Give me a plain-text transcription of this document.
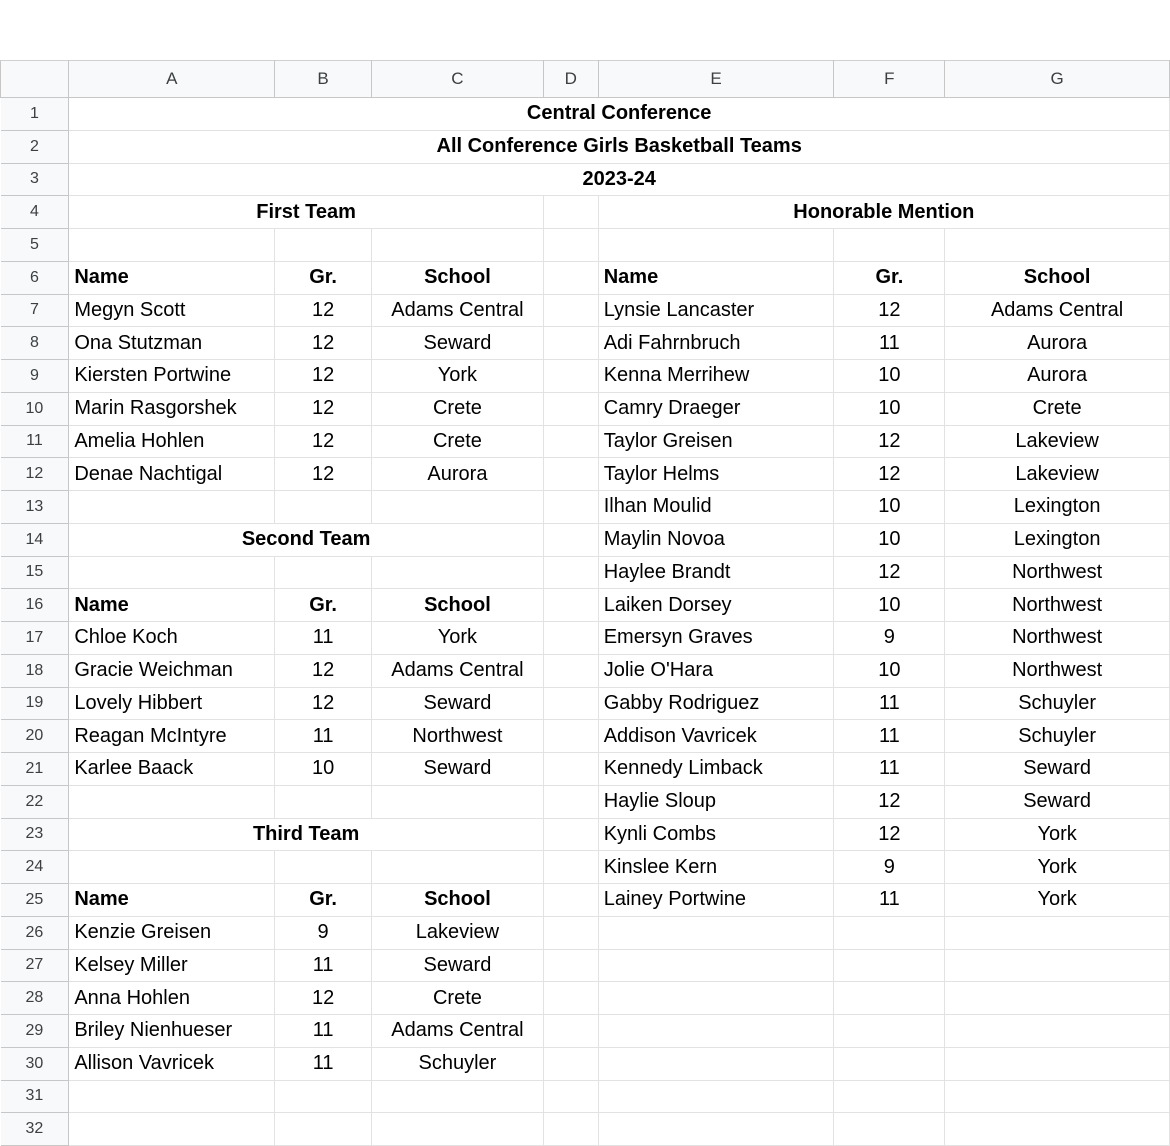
	A	B	C	D	E	F	G
1	Central Conference						
2	All Conference Girls Basketball Teams						
3	2023-24						
4	First Team				Honorable Mention		
5							
6	Name	Gr.	School		Name	Gr.	School
7	Megyn Scott	12	Adams Central		Lynsie Lancaster	12	Adams Central
8	Ona Stutzman	12	Seward		Adi Fahrnbruch	11	Aurora
9	Kiersten Portwine	12	York		Kenna Merrihew	10	Aurora
10	Marin Rasgorshek	12	Crete		Camry Draeger	10	Crete
11	Amelia Hohlen	12	Crete		Taylor Greisen	12	Lakeview
12	Denae Nachtigal	12	Aurora		Taylor Helms	12	Lakeview
13					Ilhan Moulid	10	Lexington
14	Second Team				Maylin Novoa	10	Lexington
15					Haylee Brandt	12	Northwest
16	Name	Gr.	School		Laiken Dorsey	10	Northwest
17	Chloe Koch	11	York		Emersyn Graves	9	Northwest
18	Gracie Weichman	12	Adams Central		Jolie O'Hara	10	Northwest
19	Lovely Hibbert	12	Seward		Gabby Rodriguez	11	Schuyler
20	Reagan McIntyre	11	Northwest		Addison Vavricek	11	Schuyler
21	Karlee Baack	10	Seward		Kennedy Limback	11	Seward
22					Haylie Sloup	12	Seward
23	Third Team				Kynli Combs	12	York
24					Kinslee Kern	9	York
25	Name	Gr.	School		Lainey Portwine	11	York
26	Kenzie Greisen	9	Lakeview				
27	Kelsey Miller	11	Seward				
28	Anna Hohlen	12	Crete				
29	Briley Nienhueser	11	Adams Central				
30	Allison Vavricek	11	Schuyler				
31							
32							
